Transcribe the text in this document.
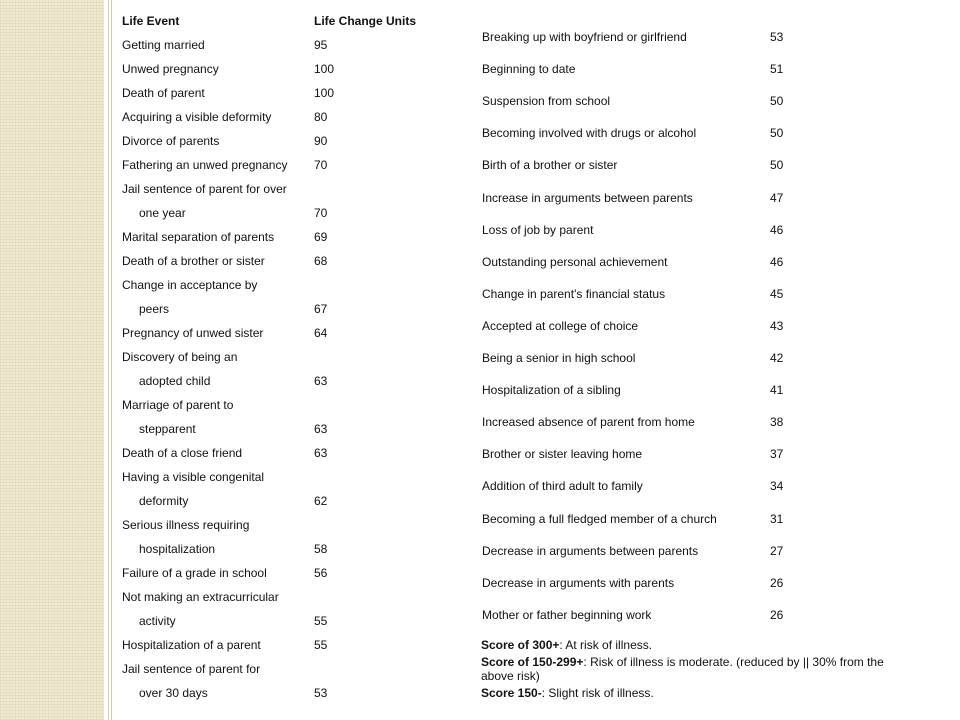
Life Event	Life Change Units
Getting married	95
Unwed pregnancy	100
Death of parent	100
Acquiring a visible deformity	80
Divorce of parents	90
Fathering an unwed pregnancy 70
Jail sentence of parent for over
one year	70
Marital separation of parents	69
Death of a brother or sister	68
Change in acceptance by
peers	67
Pregnancy of unwed sister	64
Discovery of being an
adopted child	63
Marriage of parent to
stepparent	63
Death of a close friend	63
Having a visible congenital
deformity	62
Serious illness requiring
hospitalization	58
Failure of a grade in school	56
Not making an extracurricular
activity	55
Hospitalization of a parent	55
Jail sentence of parent for
over 30 days	53
Breaking up with boyfriend or girlfriend	53
Beginning to date	51
Suspension from school	50
Becoming involved with drugs or alcohol	50
Birth of a brother or sister	50
Increase in arguments between parents	47
Loss of job by parent	46
Outstanding personal achievement	46
Change in parent's financial status	45
Accepted at college of choice	43
Being a senior in high school	42
Hospitalization of a sibling	41
Increased absence of parent from home	38
Brother or sister leaving home	37
Addition of third adult to family	34
Becoming a full fledged member of a church	31
Decrease in arguments between parents	27
Decrease in arguments with parents	26
Mother or father beginning work	26
Score of 300+: At risk of illness.
Score of 150-299+: Risk of illness is moderate. (reduced by || 30% from the above risk)
Score 150-: Slight risk of illness.
